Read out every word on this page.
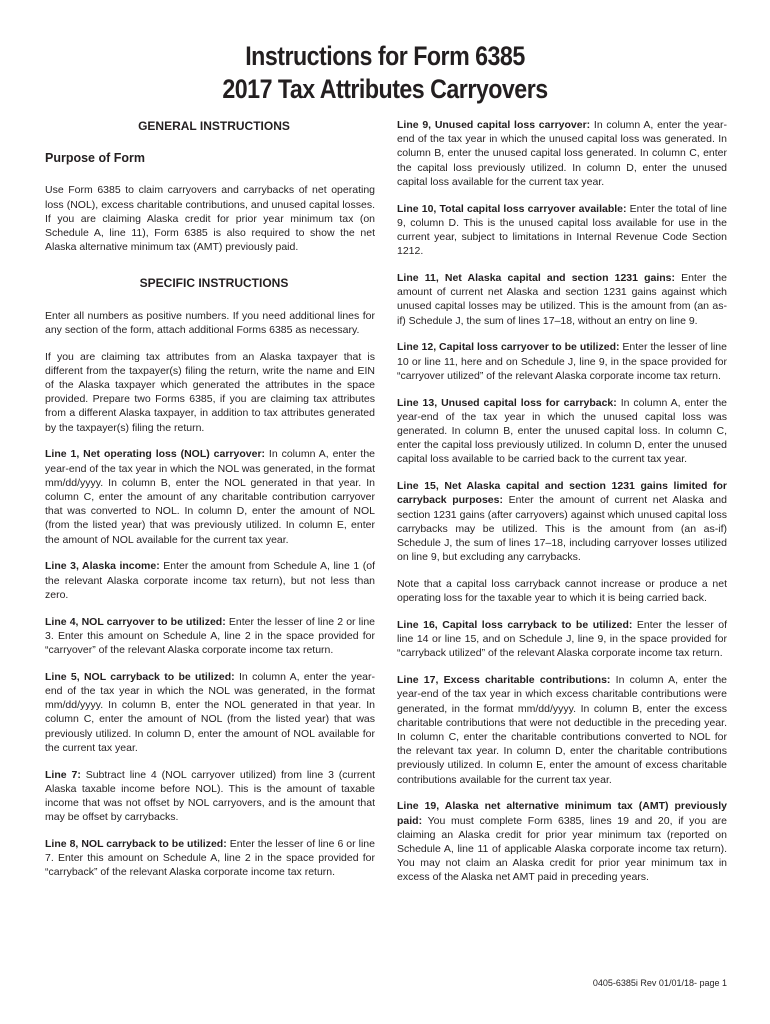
Instructions for Form 6385
2017 Tax Attributes Carryovers
GENERAL INSTRUCTIONS
Purpose of Form

Use Form 6385 to claim carryovers and carrybacks of net operating loss (NOL), excess charitable contributions, and unused capital losses. If you are claiming Alaska credit for prior year minimum tax (on Schedule A, line 11), Form 6385 is also required to show the net Alaska alternative minimum tax (AMT) previously paid.

SPECIFIC INSTRUCTIONS

Enter all numbers as positive numbers. If you need additional lines for any section of the form, attach additional Forms 6385 as necessary.

If you are claiming tax attributes from an Alaska taxpayer that is different from the taxpayer(s) filing the return, write the name and EIN of the Alaska taxpayer which generated the attributes in the space provided. Prepare two Forms 6385, if you are claiming tax attributes from a different Alaska taxpayer, in addition to tax attributes generated by the taxpayer(s) filing the return.

Line 1, Net operating loss (NOL) carryover: In column A, enter the year-end of the tax year in which the NOL was generated, in the format mm/dd/yyyy. In column B, enter the NOL generated in that year. In column C, enter the amount of any charitable contribution carryover that was converted to NOL. In column D, enter the amount of NOL (from the listed year) that was previously utilized. In column E, enter the amount of NOL available for the current tax year.

Line 3, Alaska income: Enter the amount from Schedule A, line 1 (of the relevant Alaska corporate income tax return), but not less than zero.

Line 4, NOL carryover to be utilized: Enter the lesser of line 2 or line 3. Enter this amount on Schedule A, line 2 in the space provided for “carryover” of the relevant Alaska corporate income tax return.

Line 5, NOL carryback to be utilized: In column A, enter the year-end of the tax year in which the NOL was generated, in the format mm/dd/yyyy. In column B, enter the NOL generated in that year. In column C, enter the amount of NOL (from the listed year) that was previously utilized. In column D, enter the amount of NOL available for the current tax year.

Line 7: Subtract line 4 (NOL carryover utilized) from line 3 (current Alaska taxable income before NOL). This is the amount of taxable income that was not offset by NOL carryovers, and is the amount that may be offset by carrybacks.

Line 8, NOL carryback to be utilized: Enter the lesser of line 6 or line 7. Enter this amount on Schedule A, line 2 in the space provided for “carryback” of the relevant Alaska corporate income tax return.

Line 9, Unused capital loss carryover: In column A, enter the year-end of the tax year in which the unused capital loss was generated. In column B, enter the unused capital loss generated. In column C, enter the capital loss previously utilized. In column D, enter the unused capital loss available for the current tax year.

Line 10, Total capital loss carryover available: Enter the total of line 9, column D. This is the unused capital loss available for use in the current year, subject to limitations in Internal Revenue Code Section 1212.

Line 11, Net Alaska capital and section 1231 gains: Enter the amount of current net Alaska and section 1231 gains against which unused capital losses may be utilized. This is the amount from (an as-if) Schedule J, the sum of lines 17–18, without an entry on line 9.

Line 12, Capital loss carryover to be utilized: Enter the lesser of line 10 or line 11, here and on Schedule J, line 9, in the space provided for “carryover utilized” of the relevant Alaska corporate income tax return.

Line 13, Unused capital loss for carryback: In column A, enter the year-end of the tax year in which the unused capital loss was generated. In column B, enter the unused capital loss. In column C, enter the capital loss previously utilized. In column D, enter the unused capital loss available to be carried back to the current tax year.

Line 15, Net Alaska capital and section 1231 gains limited for carryback purposes: Enter the amount of current net Alaska and section 1231 gains (after carryovers) against which unused capital loss carrybacks may be utilized. This is the amount from (an as-if) Schedule J, the sum of lines 17–18, including carryover losses utilized on line 9, but excluding any carrybacks.

Note that a capital loss carryback cannot increase or produce a net operating loss for the taxable year to which it is being carried back.

Line 16, Capital loss carryback to be utilized: Enter the lesser of line 14 or line 15, and on Schedule J, line 9, in the space provided for “carryback utilized” of the relevant Alaska corporate income tax return.

Line 17, Excess charitable contributions: In column A, enter the year-end of the tax year in which excess charitable contributions were generated, in the format mm/dd/yyyy. In column B, enter the excess charitable contributions that were not deductible in the preceding year. In column C, enter the charitable contributions converted to NOL for the relevant tax year. In column D, enter the charitable contributions previously utilized. In column E, enter the amount of excess charitable contributions available for the current tax year.

Line 19, Alaska net alternative minimum tax (AMT) previously paid: You must complete Form 6385, lines 19 and 20, if you are claiming an Alaska credit for prior year minimum tax (reported on Schedule A, line 11 of applicable Alaska corporate income tax return). You may not claim an Alaska credit for prior year minimum tax in excess of the Alaska net AMT paid in preceding years.

0405-6385i Rev 01/01/18- page 1
